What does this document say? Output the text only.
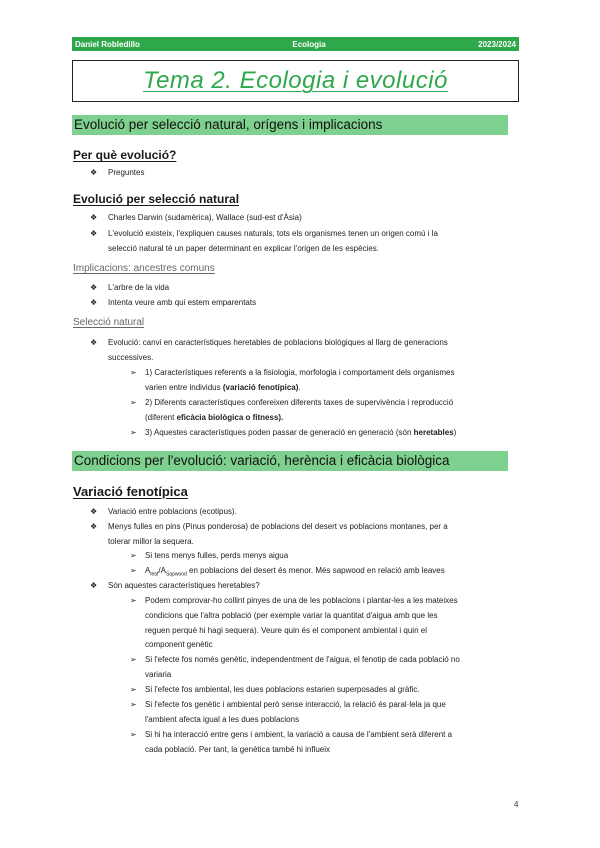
Daniel Robledillo	Ecologia	2023/2024
Tema 2. Ecologia i evolució
Evolució per selecció natural, orígens i implicacions
Per què evolució?
❖ Preguntes
Evolució per selecció natural
❖ Charles Darwin (sudamèrica), Wallace (sud-est d'Àsia)
❖ L'evolució existeix, l'expliquen causes naturals, tots els organismes tenen un origen comú i la
selecció natural té un paper determinant en explicar l'origen de les espècies.
Implicacions: ancestres comuns
❖ L'arbre de la vida
❖ Intenta veure amb qui estem emparentats
Selecció natural
❖ Evolució: canvi en característiques heretables de poblacions biològiques al llarg de generacions
successives.
➢ 1) Característiques referents a la fisiologia, morfologia i comportament dels organismes
varien entre individus (variació fenotípica).
➢ 2) Diferents característiques confereixen diferents taxes de supervivència i reproducció
(diferent eficàcia biològica o fitness).
➢ 3) Aquestes característiques poden passar de generació en generació (són heretables)
Condicions per l'evolució: variació, herència i eficàcia biològica
Variació fenotípica
❖ Variació entre poblacions (ecotipus).
❖ Menys fulles en pins (Pinus ponderosa) de poblacions del desert vs poblacions montanes, per a
tolerar millor la sequera.
➢ Si tens menys fulles, perds menys aigua
➢ $A_{leaf}/A_{Sapwood}$ en poblacions del desert és menor. Més sapwood en relació amb leaves
❖ Són aquestes característiques heretables?
➢ Podem comprovar-ho collint pinyes de una de les poblacions i plantar-les a les mateixes
condicions que l'altra població (per exemple variar la quantitat d'aigua amb que les
reguen perquè hi hagi sequera). Veure quin és el component ambiental i quin el
component genètic
➢ Si l'efecte fos només genètic, independentment de l'aigua, el fenotip de cada població no
variaria
➢ Si l'efecte fos ambiental, les dues poblacions estarien superposades al gràfic.
➢ Si l'efecte fos genètic i ambiental però sense interacció, la relació és paral·lela ja que
l'ambient afecta igual a les dues poblacions
➢ Si hi ha interacció entre gens i ambient, la variació a causa de l'ambient serà diferent a
cada població. Per tant, la genètica també hi influeix
4
